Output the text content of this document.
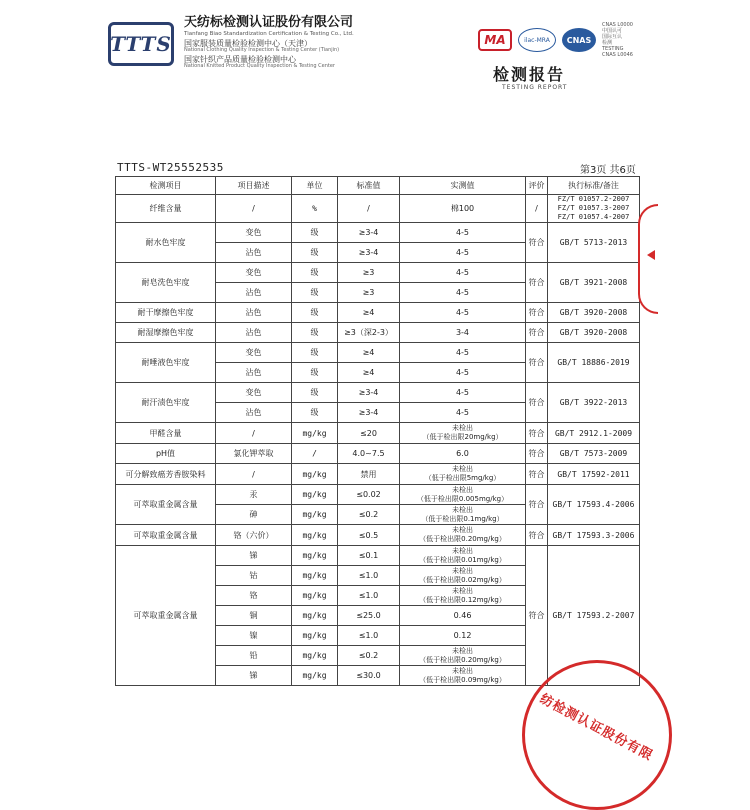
TTTS
天纺标检测认证股份有限公司
Tianfang Biao Standardization Certification & Testing Co., Ltd.
国家服装质量检验检测中心（天津）
National Clothing Quality Inspection & Testing Center (Tianjin)
国家针织产品质量检验检测中心
National Knitted Product Quality Inspection & Testing Center
MA	ilac-MRA CNAS
CNAS L0000
中国认可
国际互认
检测
TESTING
CNAS L0046
检测报告
TESTING REPORT
TTTS-WT25552535	第3页 共6页
检测项目	项目描述	单位	标准值	实测值	评价	执行标准/备注
纤维含量	/	%	/	棉100	/	FZ/T 01057.2-2007
FZ/T 01057.3-2007
FZ/T 01057.4-2007
耐水色牢度	变色	级	≥3-4	4-5	符合	GB/T 5713-2013
	沾色	级	≥3-4	4-5		
耐皂洗色牢度	变色	级	≥3	4-5	符合	GB/T 3921-2008
	沾色	级	≥3	4-5		
耐干摩擦色牢度	沾色	级	≥4	4-5	符合	GB/T 3920-2008
耐湿摩擦色牢度	沾色	级	≥3（深2-3）	3-4	符合	GB/T 3920-2008
耐唾液色牢度	变色	级	≥4	4-5	符合	GB/T 18886-2019
	沾色	级	≥4	4-5		
耐汗渍色牢度	变色	级	≥3-4	4-5	符合	GB/T 3922-2013
	沾色	级	≥3-4	4-5		
甲醛含量	/	mg/kg	≤20	未检出
（低于检出限20mg/kg）	符合	GB/T 2912.1-2009
pH值	氯化钾萃取	/	4.0~7.5	6.0	符合	GB/T 7573-2009
可分解致癌芳香胺染料	/	mg/kg	禁用	未检出
（低于检出限5mg/kg）	符合	GB/T 17592-2011
可萃取重金属含量	汞	mg/kg	≤0.02	未检出
（低于检出限0.005mg/kg）	符合	GB/T 17593.4-2006
	砷	mg/kg	≤0.2	未检出
（低于检出限0.1mg/kg）		
可萃取重金属含量	铬（六价）	mg/kg	≤0.5	未检出
（低于检出限0.20mg/kg）	符合	GB/T 17593.3-2006
可萃取重金属含量	锑	mg/kg	≤0.1	未检出
（低于检出限0.01mg/kg）	符合	GB/T 17593.2-2007
	钴	mg/kg	≤1.0	未检出
（低于检出限0.02mg/kg）		
	铬	mg/kg	≤1.0	未检出
（低于检出限0.12mg/kg）		
	铜	mg/kg	≤25.0	0.46		
	镍	mg/kg	≤1.0	0.12		
	铅	mg/kg	≤0.2	未检出
（低于检出限0.20mg/kg）		
	锑	mg/kg	≤30.0	未检出
（低于检出限0.09mg/kg）		
纺检测认证股份有限
